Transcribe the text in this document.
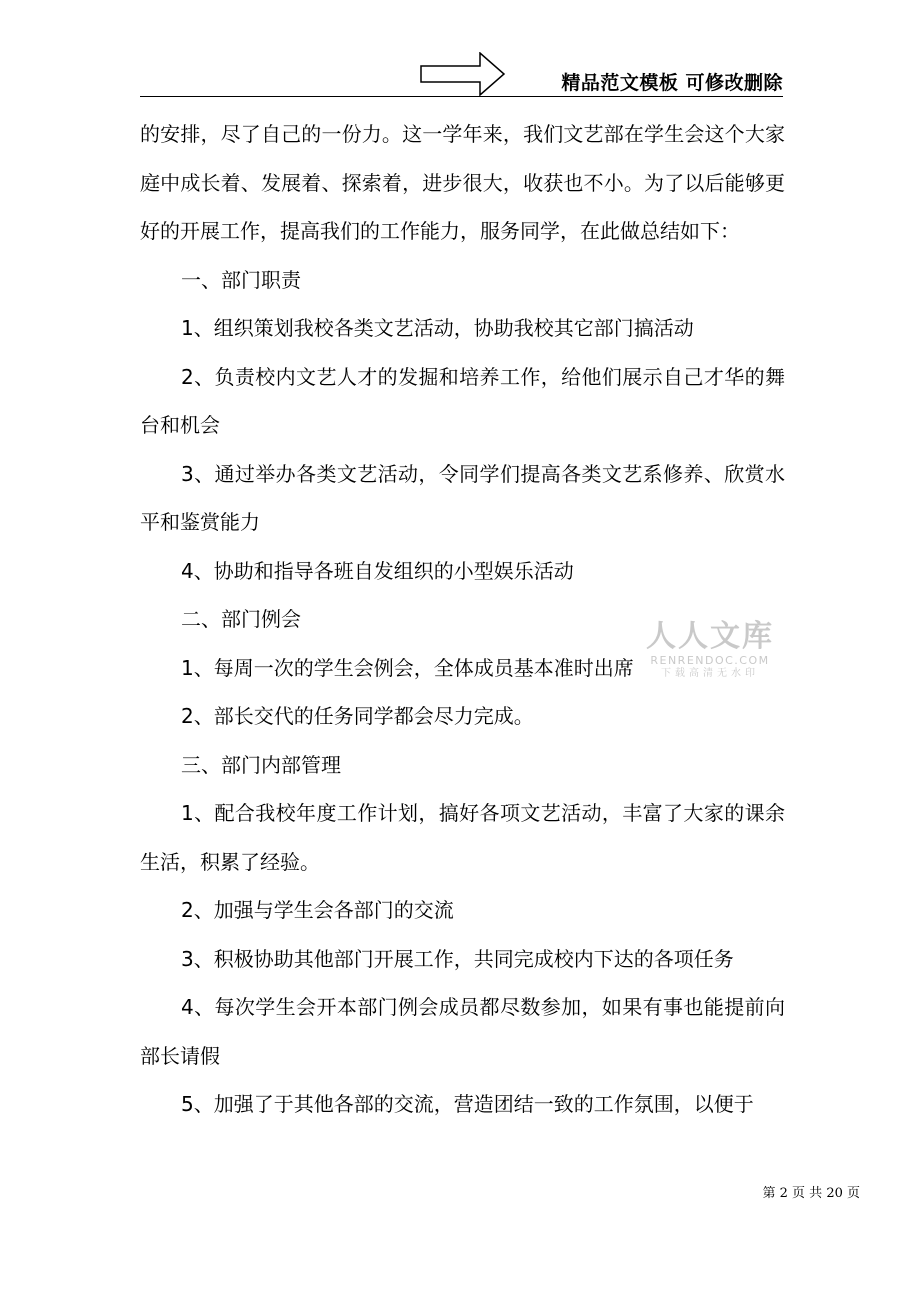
精品范文模板 可修改删除

的安排，尽了自己的一份力。这一学年来，我们文艺部在学生会这个大家庭中成长着、发展着、探索着，进步很大，收获也不小。为了以后能够更好的开展工作，提高我们的工作能力，服务同学，在此做总结如下：

一、部门职责

1、组织策划我校各类文艺活动，协助我校其它部门搞活动

2、负责校内文艺人才的发掘和培养工作，给他们展示自己才华的舞台和机会

3、通过举办各类文艺活动，令同学们提高各类文艺系修养、欣赏水平和鉴赏能力

4、协助和指导各班自发组织的小型娱乐活动

二、部门例会

1、每周一次的学生会例会，全体成员基本准时出席

2、部长交代的任务同学都会尽力完成。

三、部门内部管理

1、配合我校年度工作计划，搞好各项文艺活动，丰富了大家的课余生活，积累了经验。

2、加强与学生会各部门的交流

3、积极协助其他部门开展工作，共同完成校内下达的各项任务

4、每次学生会开本部门例会成员都尽数参加，如果有事也能提前向部长请假

5、加强了于其他各部的交流，营造团结一致的工作氛围，以便于

人人文库
RENRENDOC.COM
下载高清无水印
第 2 页 共 20 页
